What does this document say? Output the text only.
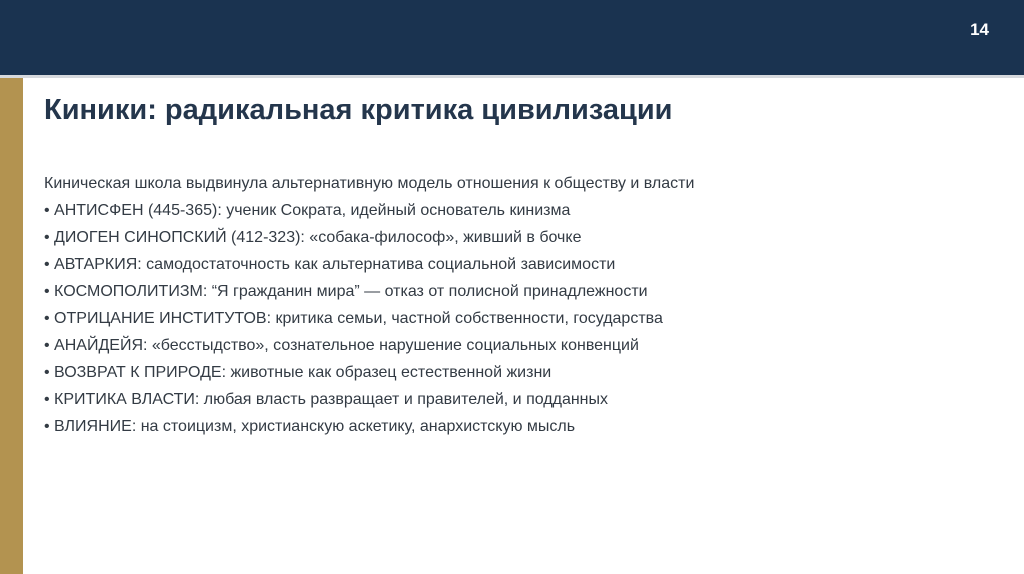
14
Киники: радикальная критика цивилизации

Киническая школа выдвинула альтернативную модель отношения к обществу и власти

• АНТИСФЕН (445-365): ученик Сократа, идейный основатель кинизма
• ДИОГЕН СИНОПСКИЙ (412-323): «собака-философ», живший в бочке
• АВТАРКИЯ: самодостаточность как альтернатива социальной зависимости
• КОСМОПОЛИТИЗМ: “Я гражданин мира” — отказ от полисной принадлежности
• ОТРИЦАНИЕ ИНСТИТУТОВ: критика семьи, частной собственности, государства
• АНАЙДЕЙЯ: «бесстыдство», сознательное нарушение социальных конвенций
• ВОЗВРАТ К ПРИРОДЕ: животные как образец естественной жизни
• КРИТИКА ВЛАСТИ: любая власть развращает и правителей, и подданных
• ВЛИЯНИЕ: на стоицизм, христианскую аскетику, анархистскую мысль
